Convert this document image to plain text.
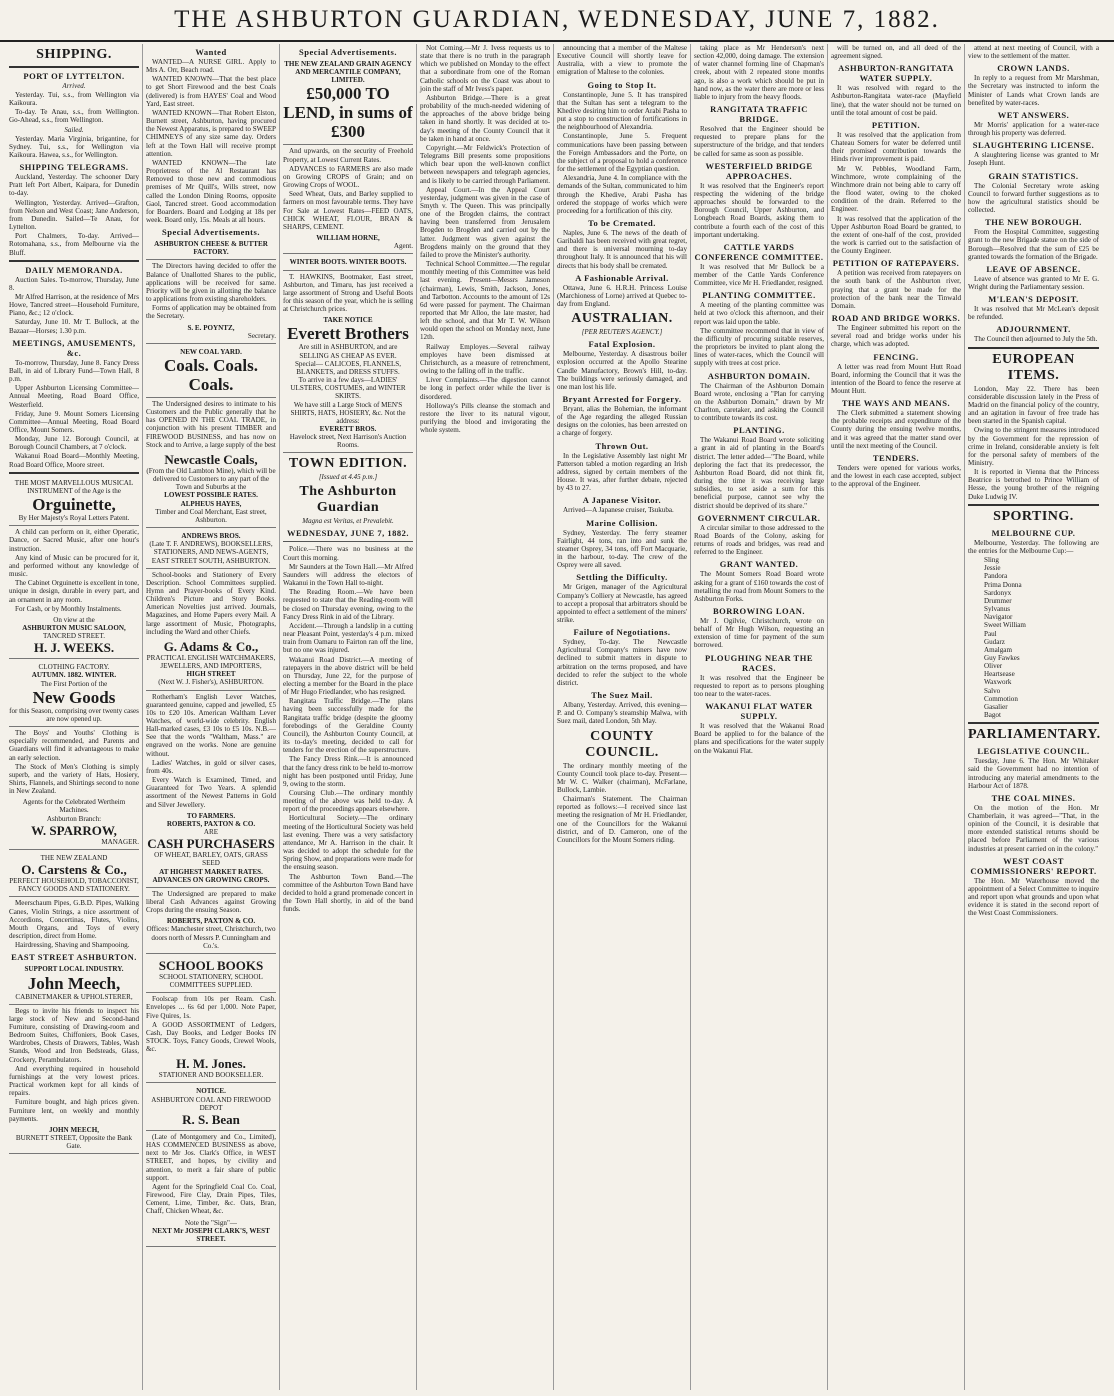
THE ASHBURTON GUARDIAN, WEDNESDAY, JUNE 7, 1882.
SHIPPING.
PORT OF LYTTELTON.
Arrived.

Yesterday. Tui, s.s., from Wellington via Kaikoura.

To-day. Te Anau, s.s., from Wellington. Go-Ahead, s.s., from Wellington.

Sailed.

Yesterday. Maria Virginia, brigantine, for Sydney. Tui, s.s., for Wellington via Kaikoura. Hawea, s.s., for Wellington.

SHIPPING TELEGRAMS.

Auckland, Yesterday. The schooner Dary Pratt left Port Albert, Kaipara, for Dunedin to-day.

Wellington, Yesterday. Arrived—Grafton, from Nelson and West Coast; Jane Anderson, from Dunedin. Sailed—Te Anau, for Lyttelton.

Port Chalmers, To-day. Arrived—Rotomahana, s.s., from Melbourne via the Bluff.

DAILY MEMORANDA.

Auction Sales. To-morrow, Thursday, June 8.

Mr Alfred Harrison, at the residence of Mrs Howe, Tancred street—Household Furniture, Piano, &c.; 12 o'clock.

Saturday, June 10. Mr T. Bullock, at the Bazaar—Horses; 1.30 p.m.

MEETINGS, AMUSEMENTS, &c.

To-morrow, Thursday, June 8. Fancy Dress Ball, in aid of Library Fund—Town Hall, 8 p.m.

Upper Ashburton Licensing Committee—Annual Meeting, Road Board Office, Westerfield.

Friday, June 9. Mount Somers Licensing Committee—Annual Meeting, Road Board Office, Mount Somers.

Monday, June 12. Borough Council, at Borough Council Chambers, at 7 o'clock.

Wakanui Road Board—Monthly Meeting, Road Board Office, Moore street.

THE MOST MARVELLOUS MUSICAL INSTRUMENT of the Age is the
Orguinette,
By Her Majesty's Royal Letters Patent.

A child can perform on it, either Operatic, Dance, or Sacred Music, after one hour's instruction.

Any kind of Music can be procured for it, and performed without any knowledge of music.

The Cabinet Orguinette is excellent in tone, unique in design, durable in every part, and an ornament in any room.

For Cash, or by Monthly Instalments.

On view at the
ASHBURTON MUSIC SALOON,
TANCRED STREET.
H. J. WEEKS.
CLOTHING FACTORY.
AUTUMN. 1882. WINTER.
The First Portion of the
New Goods
for this Season, comprising over twenty cases are now opened up.

The Boys' and Youths' Clothing is especially recommended, and Parents and Guardians will find it advantageous to make an early selection.

The Stock of Men's Clothing is simply superb, and the variety of Hats, Hosiery, Shirts, Flannels, and Shirtings second to none in New Zealand.

Agents for the Celebrated Wertheim Machines.
Ashburton Branch:
W. SPARROW,
MANAGER.
THE NEW ZEALAND
O. Carstens & Co.,
PERFECT HOUSEHOLD, TOBACCONIST, FANCY GOODS AND STATIONERY.

Meerschaum Pipes, G.B.D. Pipes, Walking Canes, Violin Strings, a nice assortment of Accordions, Concertinas, Flutes, Violins, Mouth Organs, and Toys of every description, direct from Home.

Hairdressing, Shaving and Shampooing.

EAST STREET ASHBURTON.
SUPPORT LOCAL INDUSTRY.
John Meech,
CABINETMAKER & UPHOLSTERER,

Begs to invite his friends to inspect his large stock of New and Second-hand Furniture, consisting of Drawing-room and Bedroom Suites, Chiffoniers, Book Cases, Wardrobes, Chests of Drawers, Tables, Wash Stands, Wood and Iron Bedsteads, Glass, Crockery, Perambulators.

And everything required in household furnishings at the very lowest prices. Practical workmen kept for all kinds of repairs.

Furniture bought, and high prices given. Furniture lent, on weekly and monthly payments.

JOHN MEECH,
BURNETT STREET, Opposite the Bank Gate.
Wanted

WANTED—A NURSE GIRL. Apply to Mrs A. Orr, Beach road.

WANTED KNOWN—That the best place to get Short Firewood and the best Coals (delivered) is from HAYES' Coal and Wood Yard, East street.

WANTED KNOWN—That Robert Elston, Burnett street, Ashburton, having procured the Newest Apparatus, is prepared to SWEEP CHIMNEYS of any size same day. Orders left at the Town Hall will receive prompt attention.

WANTED KNOWN—The late Proprietress of the Al Restaurant has Removed to those new and commodious premises of Mr Quill's, Wills street, now called the London Dining Rooms, opposite Gaol, Tancred street. Good accommodation for Boarders. Board and Lodging at 18s per week. Board only, 15s. Meals at all hours.

Special Advertisements.
ASHBURTON CHEESE & BUTTER FACTORY.

The Directors having decided to offer the Balance of Unallotted Shares to the public, applications will be received for same. Priority will be given in allotting the balance to applications from existing shareholders.

Forms of application may be obtained from the Secretary.

S. E. POYNTZ,
Secretary.
NEW COAL YARD.
Coals. Coals. Coals.

The Undersigned desires to intimate to his Customers and the Public generally that he has OPENED IN THE COAL TRADE, in conjunction with his present TIMBER and FIREWOOD BUSINESS, and has now on Stock and to Arrive, a large supply of the best

Newcastle Coals,
(From the Old Lambton Mine), which will be delivered to Customers to any part of the Town and Suburbs at the
LOWEST POSSIBLE RATES.
ALPHEUS HAYES,
Timber and Coal Merchant, East street, Ashburton.
ANDREWS BROS.
(Late T. F. ANDREWS), BOOKSELLERS, STATIONERS, AND NEWS-AGENTS, EAST STREET SOUTH, ASHBURTON.

School-books and Stationery of Every Description. School Committees supplied. Hymn and Prayer-books of Every Kind. Children's Picture and Story Books. American Novelties just arrived. Journals, Magazines, and Home Papers every Mail. A large assortment of Music, Photographs, including the Ward and other Chiefs.

G. Adams & Co.,
PRACTICAL ENGLISH WATCHMAKERS, JEWELLERS, AND IMPORTERS,
HIGH STREET
(Next W. J. Fisher's), ASHBURTON.

Rotherham's English Lever Watches, guaranteed genuine, capped and jewelled, £5 10s to £20 10s. American Waltham Lever Watches, of world-wide celebrity. English Hall-marked cases, £3 10s to £5 10s. N.B.—See that the words "Waltham, Mass." are engraved on the works. None are genuine without.

Ladies' Watches, in gold or silver cases, from 40s.

Every Watch is Examined, Timed, and Guaranteed for Two Years. A splendid assortment of the Newest Patterns in Gold and Silver Jewellery.

TO FARMERS.
ROBERTS, PAXTON & CO.
ARE
CASH PURCHASERS
OF WHEAT, BARLEY, OATS, GRASS SEED
AT HIGHEST MARKET RATES.
ADVANCES ON GROWING CROPS.

The Undersigned are prepared to make liberal Cash Advances against Growing Crops during the ensuing Season.

ROBERTS, PAXTON & CO.
Offices: Manchester street, Christchurch, two doors north of Messrs P. Cunningham and Co.'s.
SCHOOL BOOKS
SCHOOL STATIONERY, SCHOOL COMMITTEES SUPPLIED.

Foolscap from 10s per Ream. Cash. Envelopes ... 6s 6d per 1,000. Note Paper, Five Quires, 1s.

A GOOD ASSORTMENT of Ledgers, Cash, Day Books, and Ledger Books IN STOCK. Toys, Fancy Goods, Crewel Wools, &c.

H. M. Jones.
STATIONER AND BOOKSELLER.
NOTICE.
ASHBURTON COAL AND FIREWOOD DEPOT
R. S. Bean

(Late of Montgomery and Co., Limited), HAS COMMENCED BUSINESS as above, next to Mr Jos. Clark's Office, in WEST STREET, and hopes, by civility and attention, to merit a fair share of public support.

Agent for the Springfield Coal Co. Coal, Firewood, Fire Clay, Drain Pipes, Tiles, Cement, Lime, Timber, &c. Oats, Bran, Chaff, Chicken Wheat, &c.

Note the "Sign"—
NEXT Mr JOSEPH CLARK'S, WEST STREET.
Special Advertisements.
THE NEW ZEALAND GRAIN AGENCY AND MERCANTILE COMPANY, LIMITED.
£50,000 TO LEND, in sums of £300

And upwards, on the security of Freehold Property, at Lowest Current Rates.

ADVANCES to FARMERS are also made on Growing CROPS of Grain; and on Growing Crops of WOOL.

Seed Wheat, Oats, and Barley supplied to farmers on most favourable terms. They have For Sale at Lowest Rates—FEED OATS, CHICK WHEAT, FLOUR, BRAN & SHARPS, CEMENT.

WILLIAM HORNE,
Agent.
WINTER BOOTS. WINTER BOOTS.

T. HAWKINS, Bootmaker, East street, Ashburton, and Timaru, has just received a large assortment of Strong and Useful Boots for this season of the year, which he is selling at Christchurch prices.

TAKE NOTICE
Everett Brothers
Are still in ASHBURTON, and are SELLING AS CHEAP AS EVER.
Special— CALICOES, FLANNELS, BLANKETS, and DRESS STUFFS.
To arrive in a few days—LADIES' ULSTERS, COSTUMES, and WINTER SKIRTS.
We have still a Large Stock of MEN'S SHIRTS, HATS, HOSIERY, &c. Not the address:
EVERETT BROS.
Havelock street, Next Harrison's Auction Rooms.
TOWN EDITION.
[Issued at 4.45 p.m.]
The Ashburton Guardian
Magna est Veritas, et Prevalebit.
WEDNESDAY, JUNE 7, 1882.

Police.—There was no business at the Court this morning.

Mr Saunders at the Town Hall.—Mr Alfred Saunders will address the electors of Wakanui in the Town Hall to-night.

The Reading Room.—We have been requested to state that the Reading-room will be closed on Thursday evening, owing to the Fancy Dress Rink in aid of the Library.

Accident.—Through a landslip in a cutting near Pleasant Point, yesterday's 4 p.m. mixed train from Oamaru to Fairton ran off the line, but no one was injured.

Wakanui Road District.—A meeting of ratepayers in the above district will be held on Thursday, June 22, for the purpose of electing a member for the Board in the place of Mr Hugo Friedlander, who has resigned.

Rangitata Traffic Bridge.—The plans having been successfully made for the Rangitata traffic bridge (despite the gloomy forebodings of the Geraldine County Council), the Ashburton County Council, at its to-day's meeting, decided to call for tenders for the erection of the superstructure.

The Fancy Dress Rink.—It is announced that the fancy dress rink to be held to-morrow night has been postponed until Friday, June 9, owing to the storm.

Coursing Club.—The ordinary monthly meeting of the above was held to-day. A report of the proceedings appears elsewhere.

Horticultural Society.—The ordinary meeting of the Horticultural Society was held last evening. There was a very satisfactory attendance, Mr A. Harrison in the chair. It was decided to adopt the schedule for the Spring Show, and preparations were made for the ensuing season.

The Ashburton Town Band.—The committee of the Ashburton Town Band have decided to hold a grand promenade concert in the Town Hall shortly, in aid of the band funds.

Not Coming.—Mr J. Ivess requests us to state that there is no truth in the paragraph which we published on Monday to the effect that a subordinate from one of the Roman Catholic schools on the Coast was about to join the staff of Mr Ivess's paper.

Ashburton Bridge.—There is a great probability of the much-needed widening of the approaches of the above bridge being taken in hand shortly. It was decided at to-day's meeting of the County Council that it be taken in hand at once.

Copyright.—Mr Feldwick's Protection of Telegrams Bill presents some propositions which bear upon the well-known conflict between newspapers and telegraph agencies, and is likely to be carried through Parliament.

Appeal Court.—In the Appeal Court yesterday, judgment was given in the case of Smyth v. The Queen. This was principally one of the Brogden claims, the contract having been transferred from Jerusalem Brogden to Brogden and carried out by the latter. Judgment was given against the Brogdens mainly on the ground that they failed to prove the Minister's authority.

Technical School Committee.—The regular monthly meeting of this Committee was held last evening. Present—Messrs Jameson (chairman), Lewis, Smith, Jackson, Jones, and Tarbotton. Accounts to the amount of 12s 6d were passed for payment. The Chairman reported that Mr Alloo, the late master, had left the school, and that Mr T. W. Wilson would open the school on Monday next, June 12th.

Railway Employes.—Several railway employes have been dismissed at Christchurch, as a measure of retrenchment, owing to the falling off in the traffic.

Liver Complaints.—The digestion cannot be long in perfect order while the liver is disordered.

Holloway's Pills cleanse the stomach and restore the liver to its natural vigour, purifying the blood and invigorating the whole system.

announcing that a member of the Maltese Executive Council will shortly leave for Australia, with a view to promote the emigration of Maltese to the colonies.

Going to Stop It.

Constantinople, June 5. It has transpired that the Sultan has sent a telegram to the Khedive desiring him to order Arabi Pasha to put a stop to construction of fortifications in the neighbourhood of Alexandria.

Constantinople, June 5. Frequent communications have been passing between the Foreign Ambassadors and the Porte, on the subject of a proposal to hold a conference for the settlement of the Egyptian question.

Alexandria, June 4. In compliance with the demands of the Sultan, communicated to him through the Khedive, Arabi Pasha has ordered the stoppage of works which were proceeding for a fortification of this city.

To be Cremated.

Naples, June 6. The news of the death of Garibaldi has been received with great regret, and there is universal mourning to-day throughout Italy. It is announced that his will directs that his body shall be cremated.

A Fashionable Arrival.

Ottawa, June 6. H.R.H. Princess Louise (Marchioness of Lorne) arrived at Quebec to-day from England.

AUSTRALIAN.
[PER REUTER'S AGENCY.]
Fatal Explosion.

Melbourne, Yesterday. A disastrous boiler explosion occurred at the Apollo Stearine Candle Manufactory, Brown's Hill, to-day. The buildings were seriously damaged, and one man lost his life.

Bryant Arrested for Forgery.

Bryant, alias the Bohemian, the informant of the Age regarding the alleged Russian designs on the colonies, has been arrested on a charge of forgery.

Thrown Out.

In the Legislative Assembly last night Mr Patterson tabled a motion regarding an Irish address, signed by certain members of the House. It was, after further debate, rejected by 43 to 27.

A Japanese Visitor.

Arrived—A Japanese cruiser, Tsukuba.

Marine Collision.

Sydney, Yesterday. The ferry steamer Fairlight, 44 tons, ran into and sunk the steamer Osprey, 34 tons, off Fort Macquarie, in the harbour, to-day. The crew of the Osprey were all saved.

Settling the Difficulty.

Mr Grigen, manager of the Agricultural Company's Colliery at Newcastle, has agreed to accept a proposal that arbitrators should be appointed to effect a settlement of the miners' strike.

Failure of Negotiations.

Sydney, To-day. The Newcastle Agricultural Company's miners have now declined to submit matters in dispute to arbitration on the terms proposed, and have decided to refer the subject to the whole district.

The Suez Mail.

Albany, Yesterday. Arrived, this evening—P. and O. Company's steamship Malwa, with Suez mail, dated London, 5th May.

COUNTY COUNCIL.

The ordinary monthly meeting of the County Council took place to-day. Present—Mr W. C. Walker (chairman), McFarlane, Bullock, Lambie.

Chairman's Statement. The Chairman reported as follows:—I received since last meeting the resignation of Mr H. Friedlander, one of the Councillors for the Wakanui district, and of D. Cameron, one of the Councillors for the Mount Somers riding.

taking place as Mr Henderson's next section 42,000, doing damage. The extension of water channel forming line of Chapman's creek, about with 2 repeated stone months ago, is also a work which should be put in hand now, as the water there are more or less liable to injury from the heavy floods.

RANGITATA TRAFFIC BRIDGE.

Resolved that the Engineer should be requested to prepare plans for the superstructure of the bridge, and that tenders be called for same as soon as possible.

WESTERFIELD BRIDGE APPROACHES.

It was resolved that the Engineer's report respecting the widening of the bridge approaches should be forwarded to the Borough Council, Upper Ashburton, and Longbeach Road Boards, asking them to contribute a fourth each of the cost of this important undertaking.

CATTLE YARDS CONFERENCE COMMITTEE.

It was resolved that Mr Bullock be a member of the Cattle Yards Conference Committee, vice Mr H. Friedlander, resigned.

PLANTING COMMITTEE.

A meeting of the planting committee was held at two o'clock this afternoon, and their report was laid upon the table.

The committee recommend that in view of the difficulty of procuring suitable reserves, the proprietors be invited to plant along the lines of water-races, which the Council will supply with trees at cost price.

ASHBURTON DOMAIN.

The Chairman of the Ashburton Domain Board wrote, enclosing a "Plan for carrying on the Ashburton Domain," drawn by Mr Charlton, caretaker, and asking the Council to contribute towards its cost.

PLANTING.

The Wakanui Road Board wrote soliciting a grant in aid of planting in the Board's district. The letter added—"The Board, while deploring the fact that its predecessor, the Ashburton Road Board, did not think fit, during the time it was receiving large subsidies, to set aside a sum for this beneficial purpose, cannot see why the district should be deprived of its share."

GOVERNMENT CIRCULAR.

A circular similar to those addressed to the Road Boards of the Colony, asking for returns of roads and bridges, was read and referred to the Engineer.

GRANT WANTED.

The Mount Somers Road Board wrote asking for a grant of £160 towards the cost of metalling the road from Mount Somers to the Ashburton Forks.

BORROWING LOAN.

Mr J. Ogilvie, Christchurch, wrote on behalf of Mr Hugh Wilson, requesting an extension of time for payment of the sum borrowed.

PLOUGHING NEAR THE RACES.

It was resolved that the Engineer be requested to report as to persons ploughing too near to the water-races.

WAKANUI FLAT WATER SUPPLY.

It was resolved that the Wakanui Road Board be applied to for the balance of the plans and specifications for the water supply on the Wakanui Flat.

will be turned on, and all deed of the agreement signed.

ASHBURTON-RANGITATA WATER SUPPLY.

It was resolved with regard to the Ashburton-Rangitata water-race (Mayfield line), that the water should not be turned on until the total amount of cost be paid.

PETITION.

It was resolved that the application from Chateau Somers for water be deferred until their promised contribution towards the Hinds river improvement is paid.

Mr W. Pebbles, Woodland Farm, Winchmore, wrote complaining of the Winchmore drain not being able to carry off the flood water, owing to the choked condition of the drain. Referred to the Engineer.

It was resolved that the application of the Upper Ashburton Road Board be granted, to the extent of one-half of the cost, provided the work is carried out to the satisfaction of the County Engineer.

PETITION OF RATEPAYERS.

A petition was received from ratepayers on the south bank of the Ashburton river, praying that a grant be made for the protection of the bank near the Tinwald Domain.

ROAD AND BRIDGE WORKS.

The Engineer submitted his report on the several road and bridge works under his charge, which was adopted.

FENCING.

A letter was read from Mount Hutt Road Board, informing the Council that it was the intention of the Board to fence the reserve at Mount Hutt.

THE WAYS AND MEANS.

The Clerk submitted a statement showing the probable receipts and expenditure of the County during the ensuing twelve months, and it was agreed that the matter stand over until the next meeting of the Council.

TENDERS.

Tenders were opened for various works, and the lowest in each case accepted, subject to the approval of the Engineer.

attend at next meeting of Council, with a view to the settlement of the matter.

CROWN LANDS.

In reply to a request from Mr Marshman, the Secretary was instructed to inform the Minister of Lands what Crown lands are benefited by water-races.

WET ANSWERS.

Mr Morris' application for a water-race through his property was deferred.

SLAUGHTERING LICENSE.

A slaughtering license was granted to Mr Joseph Hunt.

GRAIN STATISTICS.

The Colonial Secretary wrote asking Council to forward further suggestions as to how the agricultural statistics should be collected.

THE NEW BOROUGH.

From the Hospital Committee, suggesting grant to the new Brigade statue on the side of Borough—Resolved that the sum of £25 be granted towards the formation of the Brigade.

LEAVE OF ABSENCE.

Leave of absence was granted to Mr E. G. Wright during the Parliamentary session.

M'LEAN'S DEPOSIT.

It was resolved that Mr McLean's deposit be refunded.

ADJOURNMENT.

The Council then adjourned to July the 5th.

EUROPEAN ITEMS.

London, May 22. There has been considerable discussion lately in the Press of Madrid on the financial policy of the country, and an agitation in favour of free trade has been started in the Spanish capital.

Owing to the stringent measures introduced by the Government for the repression of crime in Ireland, considerable anxiety is felt for the personal safety of members of the Ministry.

It is reported in Vienna that the Princess Beatrice is betrothed to Prince William of Hesse, the young brother of the reigning Duke Ludwig IV.

SPORTING.
MELBOURNE CUP.

Melbourne, Yesterday. The following are the entries for the Melbourne Cup:—

Sling
Jessie
Pandora
Prima Donna
Sardonyx
Drummer
Sylvanus
Navigator
Sweet William
Paul
Gudarz
Amalgam
Guy Fawkes
Oliver
Heartsease
Waxwork
Salvo
Commotion
Gasalier
Bagot
PARLIAMENTARY.
LEGISLATIVE COUNCIL.

Tuesday, June 6. The Hon. Mr Whitaker said the Government had no intention of introducing any material amendments to the Harbour Act of 1878.

THE COAL MINES.

On the motion of the Hon. Mr Chamberlain, it was agreed—"That, in the opinion of the Council, it is desirable that more extended statistical returns should be placed before Parliament of the various industries at present carried on in the colony."

WEST COAST COMMISSIONERS' REPORT.

The Hon. Mr Waterhouse moved the appointment of a Select Committee to inquire and report upon what grounds and upon what evidence it is stated in the second report of the West Coast Commissioners.
